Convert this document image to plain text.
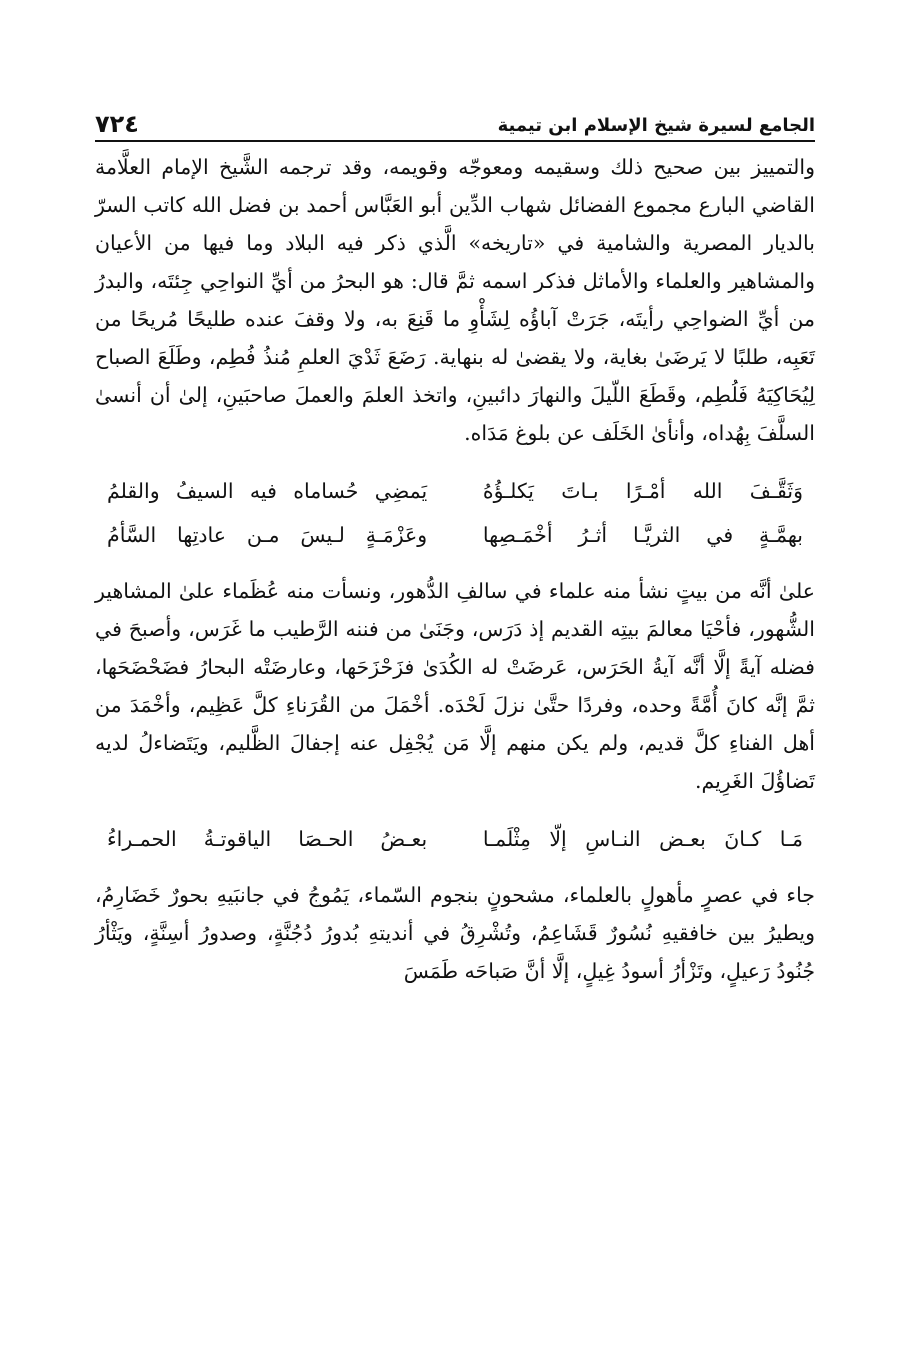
الجامع لسيرة شيخ الإسلام ابن تيمية
٧٢٤
والتمييز بين صحيح ذلك وسقيمه ومعوجّه وقويمه، وقد ترجمه الشَّيخ الإمام العلَّامة القاضي البارع مجموع الفضائل شهاب الدِّين أبو العَبَّاس أحمد بن فضل الله كاتب السرّ بالديار المصرية والشامية في «تاريخه» الَّذي ذكر فيه البلاد وما فيها من الأعيان والمشاهير والعلماء والأماثل فذكر اسمه ثمَّ قال: هو البحرُ من أيِّ النواحِي جِئتَه، والبدرُ من أيِّ الضواحِي رأيتَه، جَرَتْ آباؤُه لِشَأْوِ ما قَنِعَ به، ولا وقفَ عنده طليحًا مُريحًا من تَعَبِه، طلبًا لا يَرضَىٰ بغاية، ولا يقضىٰ له بنهاية. رَضَعَ ثَدْيَ العلمِ مُنذُ فُطِم، وطَلَعَ الصباح لِيُحَاكِيَهُ فَلُطِم، وقَطَعَ اللّيلَ والنهارَ دائبينِ، واتخذ العلمَ والعملَ صاحبَينِ، إلىٰ أن أنسىٰ السلَّفَ بِهُداه، وأنأىٰ الخَلَف عن بلوغ مَدَاه.
وَثَقَّـفَ الله أمْـرًا بـاتَ يَكلـؤُهُ
يَمضِي حُساماه فيه السيفُ والقلمُ
بهمَّـةٍ في الثريَّـا أثـرُ أخْمَـصِها
وعَزْمَـةٍ لـيسَ مـن عادتِها السَّأمُ
علىٰ أنَّه من بيتٍ نشأ منه علماء في سالفِ الدُّهور، ونسأت منه عُظَماء علىٰ المشاهير الشُّهور، فأحْيَا معالمَ بيتِه القديم إذ دَرَس، وجَنَىٰ من فننه الرَّطيب ما غَرَس، وأصبحَ في فضله آيةً إلَّا أنَّه آيةُ الحَرَس، عَرضَتْ له الكُدَىٰ فزَحْزَحَها، وعارضَتْه البحارُ فضَحْضَحَها، ثمَّ إنَّه كانَ أُمَّةً وحده، وفردًا حتَّىٰ نزلَ لَحْدَه. أخْمَلَ من القُرَناءِ كلَّ عَظِيم، وأخْمَدَ من أهل الفناءِ كلَّ قديم، ولم يكن منهم إلَّا مَن يُجْفِل عنه إجفالَ الظَّليم، ويَتَضاءلُ لديه تَضاؤُلَ الغَرِيم.
مَـا كـانَ بعـض النـاسِ إلّا مِثْلَمـا
بعـضُ الحـصَا الياقوتـةُ الحمـراءُ
جاء في عصرٍ مأهولٍ بالعلماء، مشحونٍ بنجوم السّماء، يَمُوجُ في جانبَيهِ بحورٌ خَضَارِمُ، ويطيرُ بين خافقيهِ نُسُورٌ قَشَاعِمُ، وتُشْرِقُ في أنديتهِ بُدورُ دُجُنَّةٍ، وصدورُ أسِنَّةٍ، ويَثْأرُ جُنُودُ رَعيلٍ، وتَزْأرُ أسودُ غِيلٍ، إلَّا أنَّ صَباحَه طَمَسَ
